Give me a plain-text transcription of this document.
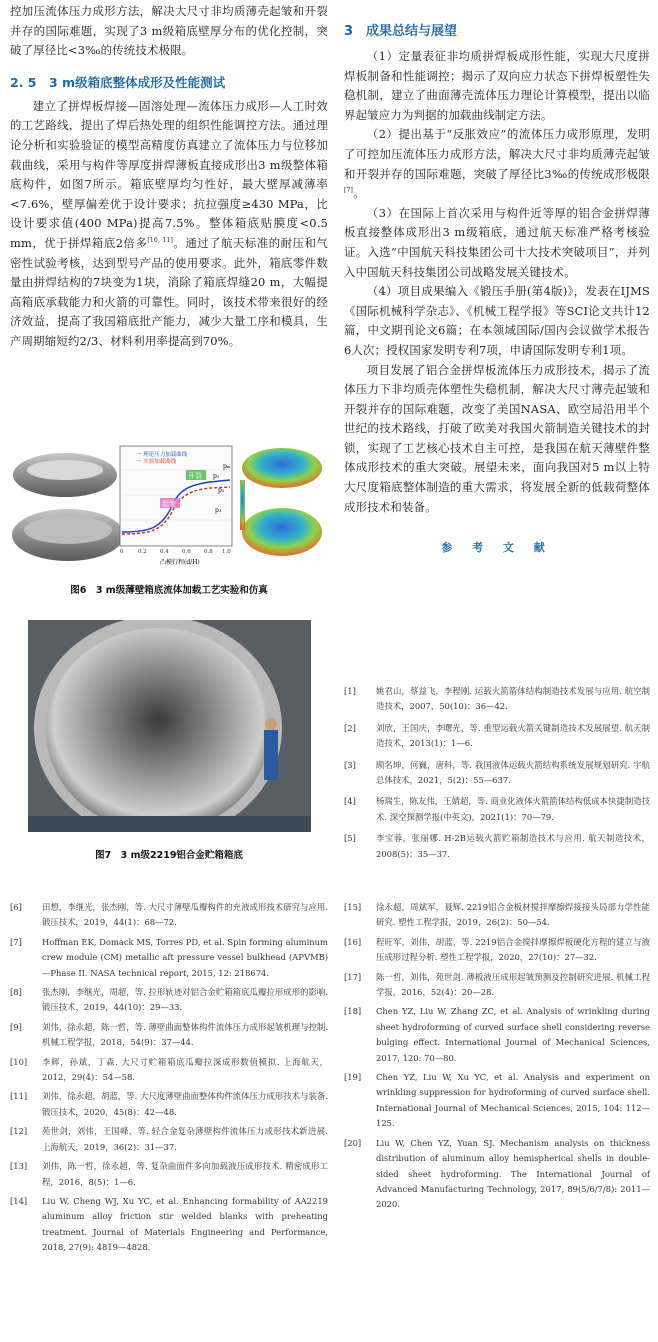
控加压流体压力成形方法，解决大尺寸非均质薄壳起皱和开裂并存的国际难题，实现了3 m级箱底壁厚分布的优化控制，突破了厚径比<3‰的传统技术极限。

2. 5　3 m级箱底整体成形及性能测试

建立了拼焊板焊接—固溶处理—流体压力成形—人工时效的工艺路线，提出了焊后热处理的组织性能调控方法。通过理论分析和实验验证的模型高精度仿真建立了流体压力与位移加载曲线，采用与构件等厚度拼焊薄板直接成形出3 m级整体箱底构件，如图7所示。箱底壁厚均匀性好，最大壁厚减薄率<7.6%，壁厚偏差优于设计要求；抗拉强度≥430 MPa，比设计要求值(400 MPa)提高7.5%。整体箱底贴膜度<0.5 mm，优于拼焊箱底2倍多[10, 11]。通过了航天标准的耐压和气密性试验考核，达到型号产品的使用要求。此外，箱底零件数量由拼焊结构的7块变为1块，消除了箱底焊缝20 m，大幅提高箱底承载能力和火箭的可靠性。同时，该技术带来很好的经济效益，提高了我国箱底批产能力，减少大量工序和模具，生产周期缩短约2/3、材料利用率提高到70%。

起皱
开裂
一 理论压力加载曲线
一 实验加载曲线
p₁
pₘ
p₂
p₃
0	0.2 0.4 0.6 0.8 1.0
凸模行程(d/H)
图6　3 m级薄壁箱底流体加载工艺实验和仿真
图7　3 m级2219铝合金贮箱箱底

3　成果总结与展望

（1）定量表征非均质拼焊板成形性能，实现大尺度拼焊板制备和性能调控；揭示了双向应力状态下拼焊板塑性失稳机制，建立了曲面薄壳流体压力理论计算模型，提出以临界起皱应力为判据的加载曲线制定方法。

（2）提出基于“反胀效应”的流体压力成形原理，发明了可控加压流体压力成形方法，解决大尺寸非均质薄壳起皱和开裂并存的国际难题，突破了厚径比3‰的传统成形极限[7]。

（3）在国际上首次采用与构件近等厚的铝合金拼焊薄板直接整体成形出3 m级箱底，通过航天标准严格考核验证。入选“中国航天科技集团公司十大技术突破项目”，并列入中国航天科技集团公司战略发展关键技术。

（4）项目成果编入《锻压手册(第4版)》，发表在IJMS《国际机械科学杂志》、《机械工程学报》等SCI论文共计12篇，中文期刊论文6篇；在本领域国际/国内会议做学术报告6人次；授权国家发明专利7项，申请国际发明专利1项。

项目发展了铝合金拼焊板流体压力成形技术，揭示了流体压力下非均质壳体塑性失稳机制，解决大尺寸薄壳起皱和开裂并存的国际难题，改变了美国NASA、欧空局沿用半个世纪的技术路线，打破了欧美对我国火箭制造关键技术的封锁，实现了工艺核心技术自主可控，是我国在航天薄壁件整体成形技术的重大突破。展望未来，面向我国对5 m以上特大尺度箱底整体制造的重大需求，将发展全新的低载荷整体成形技术和装备。

参 考 文 献
[1]	姚君山，蔡益飞，李程刚. 运载火箭箭体结构制造技术发展与应用. 航空制造技术，2007，50(10)：36—42.
[2]	刘欣，王国庆，李曙光，等. 重型运载火箭关键制造技术发展展望. 航天制造技术，2013(1)：1—6.
[3]	顾名坤，何巍，唐科，等. 我国液体运载火箭结构系统发展规划研究. 宇航总体技术，2021，5(2)：55—637.
[4]	杨瑞生，陈友伟，王婧超，等. 商业化液体火箭箭体结构低成本快捷制造技术. 深空探测学报(中英文)，2021(1)：70—79.
[5]	李宝蓉，张丽娜. H-2B运载火箭贮箱制造技术与应用. 航天制造技术，2008(5)：35—37.
[6]	田想，李继光，张杰刚，等. 大尺寸薄壁瓜瓣构件的充液成形技术研究与应用. 锻压技术，2019，44(1)：68—72.
[7]	Hoffman EK, Domack MS, Torres PD, et al. Spin forming aluminum crew module (CM) metallic aft pressure vessel bulkhead (APVMB)—Phase II. NASA technical report, 2015, 12: 218674.
[8]	张杰刚，李继光，周超，等. 拉形轨迹对铝合金贮箱箱底瓜瓣拉形成形的影响. 锻压技术，2019，44(10)：29—33.
[9]	刘伟，徐永超，陈一哲，等. 薄壁曲面整体构件流体压力成形起皱机理与控制. 机械工程学报，2018，54(9)：37—44.
[10]	李辉，孙斌，丁森. 大尺寸贮箱箱底瓜瓣拉深成形数值模拟. 上海航天，2012，29(4)：54—58.
[11]	刘伟，徐永超，胡蓝，等. 大尺度薄壁曲面整体构件流体压力成形技术与装备. 锻压技术，2020，45(8)：42—48.
[12]	苑世剑，刘伟，王国峰，等. 轻合金复杂薄壁构件流体压力成形技术新进展. 上海航天，2019，36(2)：31—37.
[13]	刘伟，陈一哲，徐永超，等. 复杂曲面件多向加载液压成形技术. 精密成形工程，2016，8(5)：1—6.
[14]	Liu W, Cheng WJ, Xu YC, et al. Enhancing formability of AA2219 aluminum alloy friction stir welded blanks with preheating treatment. Journal of Materials Engineering and Performance, 2018, 27(9): 4819—4828.
[15]	徐永超，周斌军，聂辉. 2219铝合金板材搅拌摩擦焊接接头局部力学性能研究. 塑性工程学报，2019，26(2)：50—54.
[16]	程旺军，刘伟，胡蓝，等. 2219铝合金搅拌摩擦焊板硬化方程的建立与液压成形过程分析. 塑性工程学报，2020，27(10)：27—32.
[17]	陈一哲，刘伟，苑世剑. 薄板液压成形起皱预测及控制研究进展. 机械工程学报，2016，52(4)：20—28.
[18]	Chen YZ, Liu W, Zhang ZC, et al. Analysis of wrinkling during sheet hydroforming of curved surface shell considering reverse bulging effect. International Journal of Mechanical Sciences, 2017, 120: 70—80.
[19]	Chen YZ, Liu W, Xu YC, et al. Analysis and experiment on wrinkling suppression for hydroforming of curved surface shell. International Journal of Mechanical Sciences, 2015, 104: 112—125.
[20]	Liu W, Chen YZ, Yuan SJ. Mechanism analysis on thickness distribution of aluminum alloy hemispherical shells in double-sided sheet hydroforming. The International Journal of Advanced Manufacturing Technology, 2017, 89(5/6/7/8): 2011—2020.
